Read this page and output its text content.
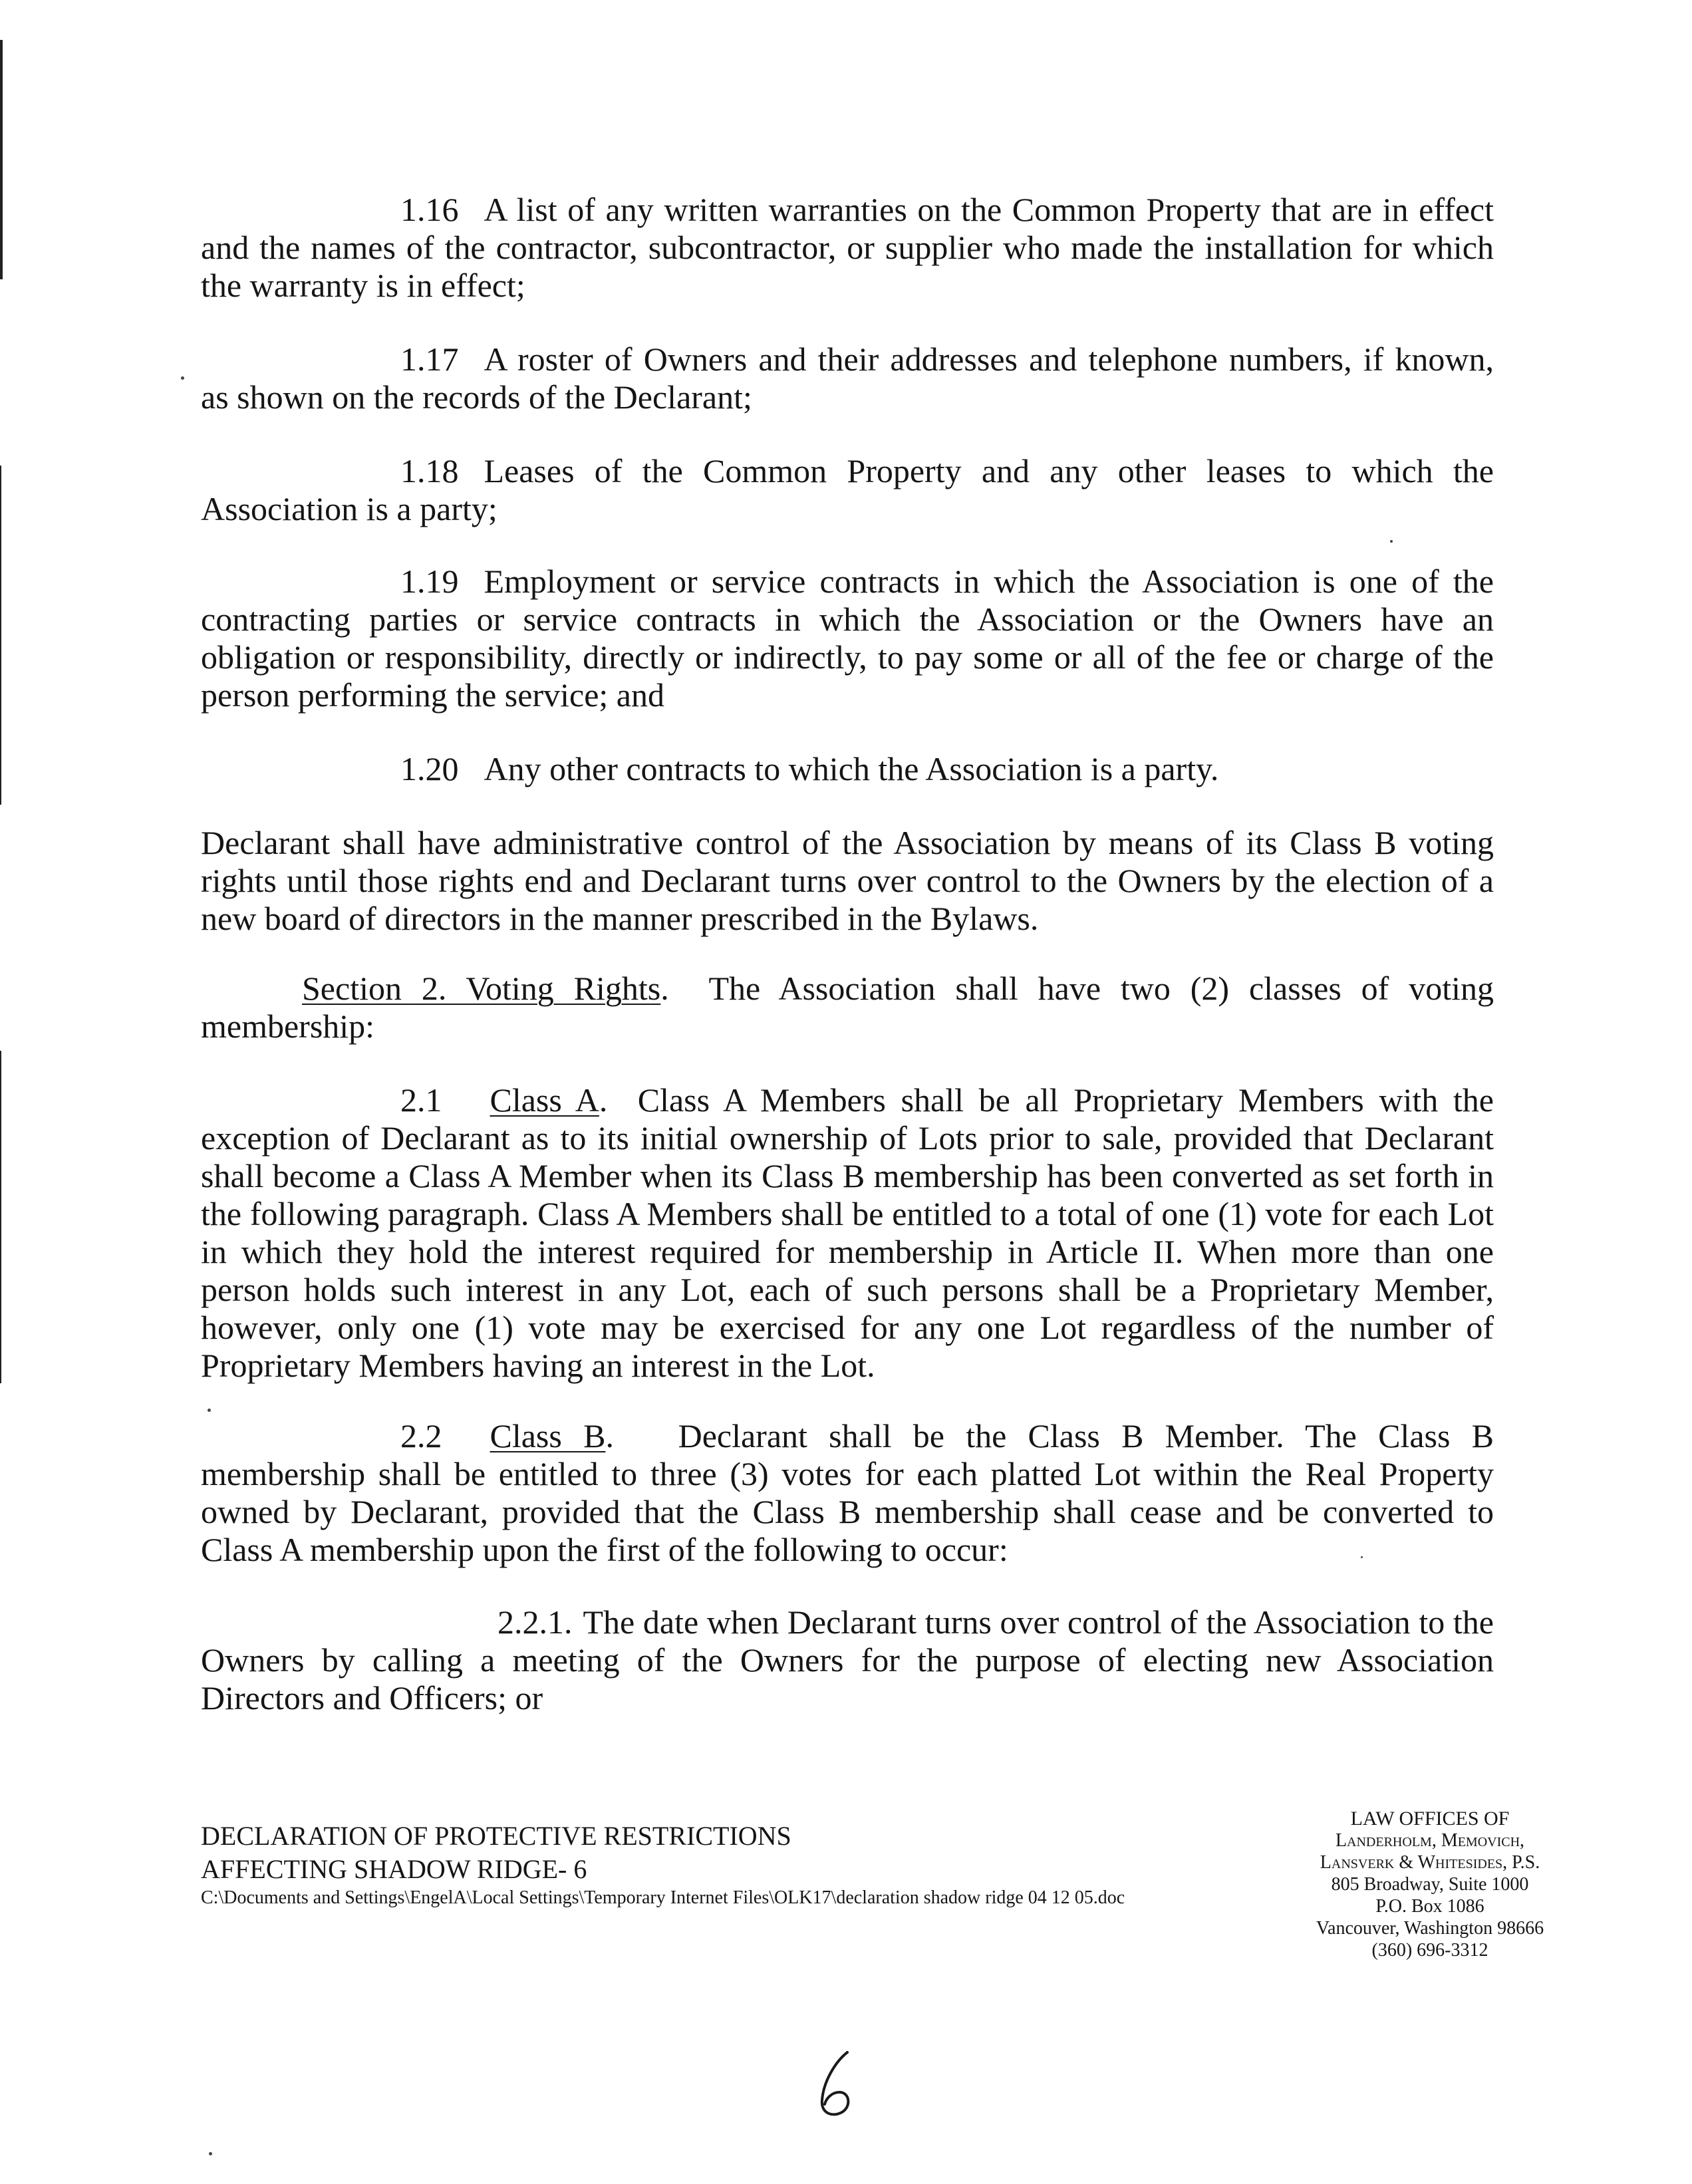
1.16 A list of any written warranties on the Common Property that are in effect and the names of the contractor, subcontractor, or supplier who made the installation for which the warranty is in effect;

1.17 A roster of Owners and their addresses and telephone numbers, if known, as shown on the records of the Declarant;

1.18 Leases of the Common Property and any other leases to which the Association is a party;

1.19 Employment or service contracts in which the Association is one of the contracting parties or service contracts in which the Association or the Owners have an obligation or responsibility, directly or indirectly, to pay some or all of the fee or charge of the person performing the service; and

1.20 Any other contracts to which the Association is a party.

Declarant shall have administrative control of the Association by means of its Class B voting rights until those rights end and Declarant turns over control to the Owners by the election of a new board of directors in the manner prescribed in the Bylaws.

Section 2. Voting Rights.  The Association shall have two (2) classes of voting membership:

2.1 Class A.  Class A Members shall be all Proprietary Members with the exception of Declarant as to its initial ownership of Lots prior to sale, provided that Declarant shall become a Class A Member when its Class B membership has been converted as set forth in the following paragraph. Class A Members shall be entitled to a total of one (1) vote for each Lot in which they hold the interest required for membership in Article II. When more than one person holds such interest in any Lot, each of such persons shall be a Proprietary Member, however, only one (1) vote may be exercised for any one Lot regardless of the number of Proprietary Members having an interest in the Lot.

2.2 Class B.   Declarant shall be the Class B Member. The Class B membership shall be entitled to three (3) votes for each platted Lot within the Real Property owned by Declarant, provided that the Class B membership shall cease and be converted to Class A membership upon the first of the following to occur:

2.2.1. The date when Declarant turns over control of the Association to the Owners by calling a meeting of the Owners for the purpose of electing new Association Directors and Officers; or

DECLARATION OF PROTECTIVE RESTRICTIONS
AFFECTING SHADOW RIDGE- 6
C:\Documents and Settings\EngelA\Local Settings\Temporary Internet Files\OLK17\declaration shadow ridge 04 12 05.doc
LAW OFFICES OF
Landerholm, Memovich,
Lansverk & Whitesides, P.S.
805 Broadway, Suite 1000
P.O. Box 1086
Vancouver, Washington 98666
(360) 696-3312
